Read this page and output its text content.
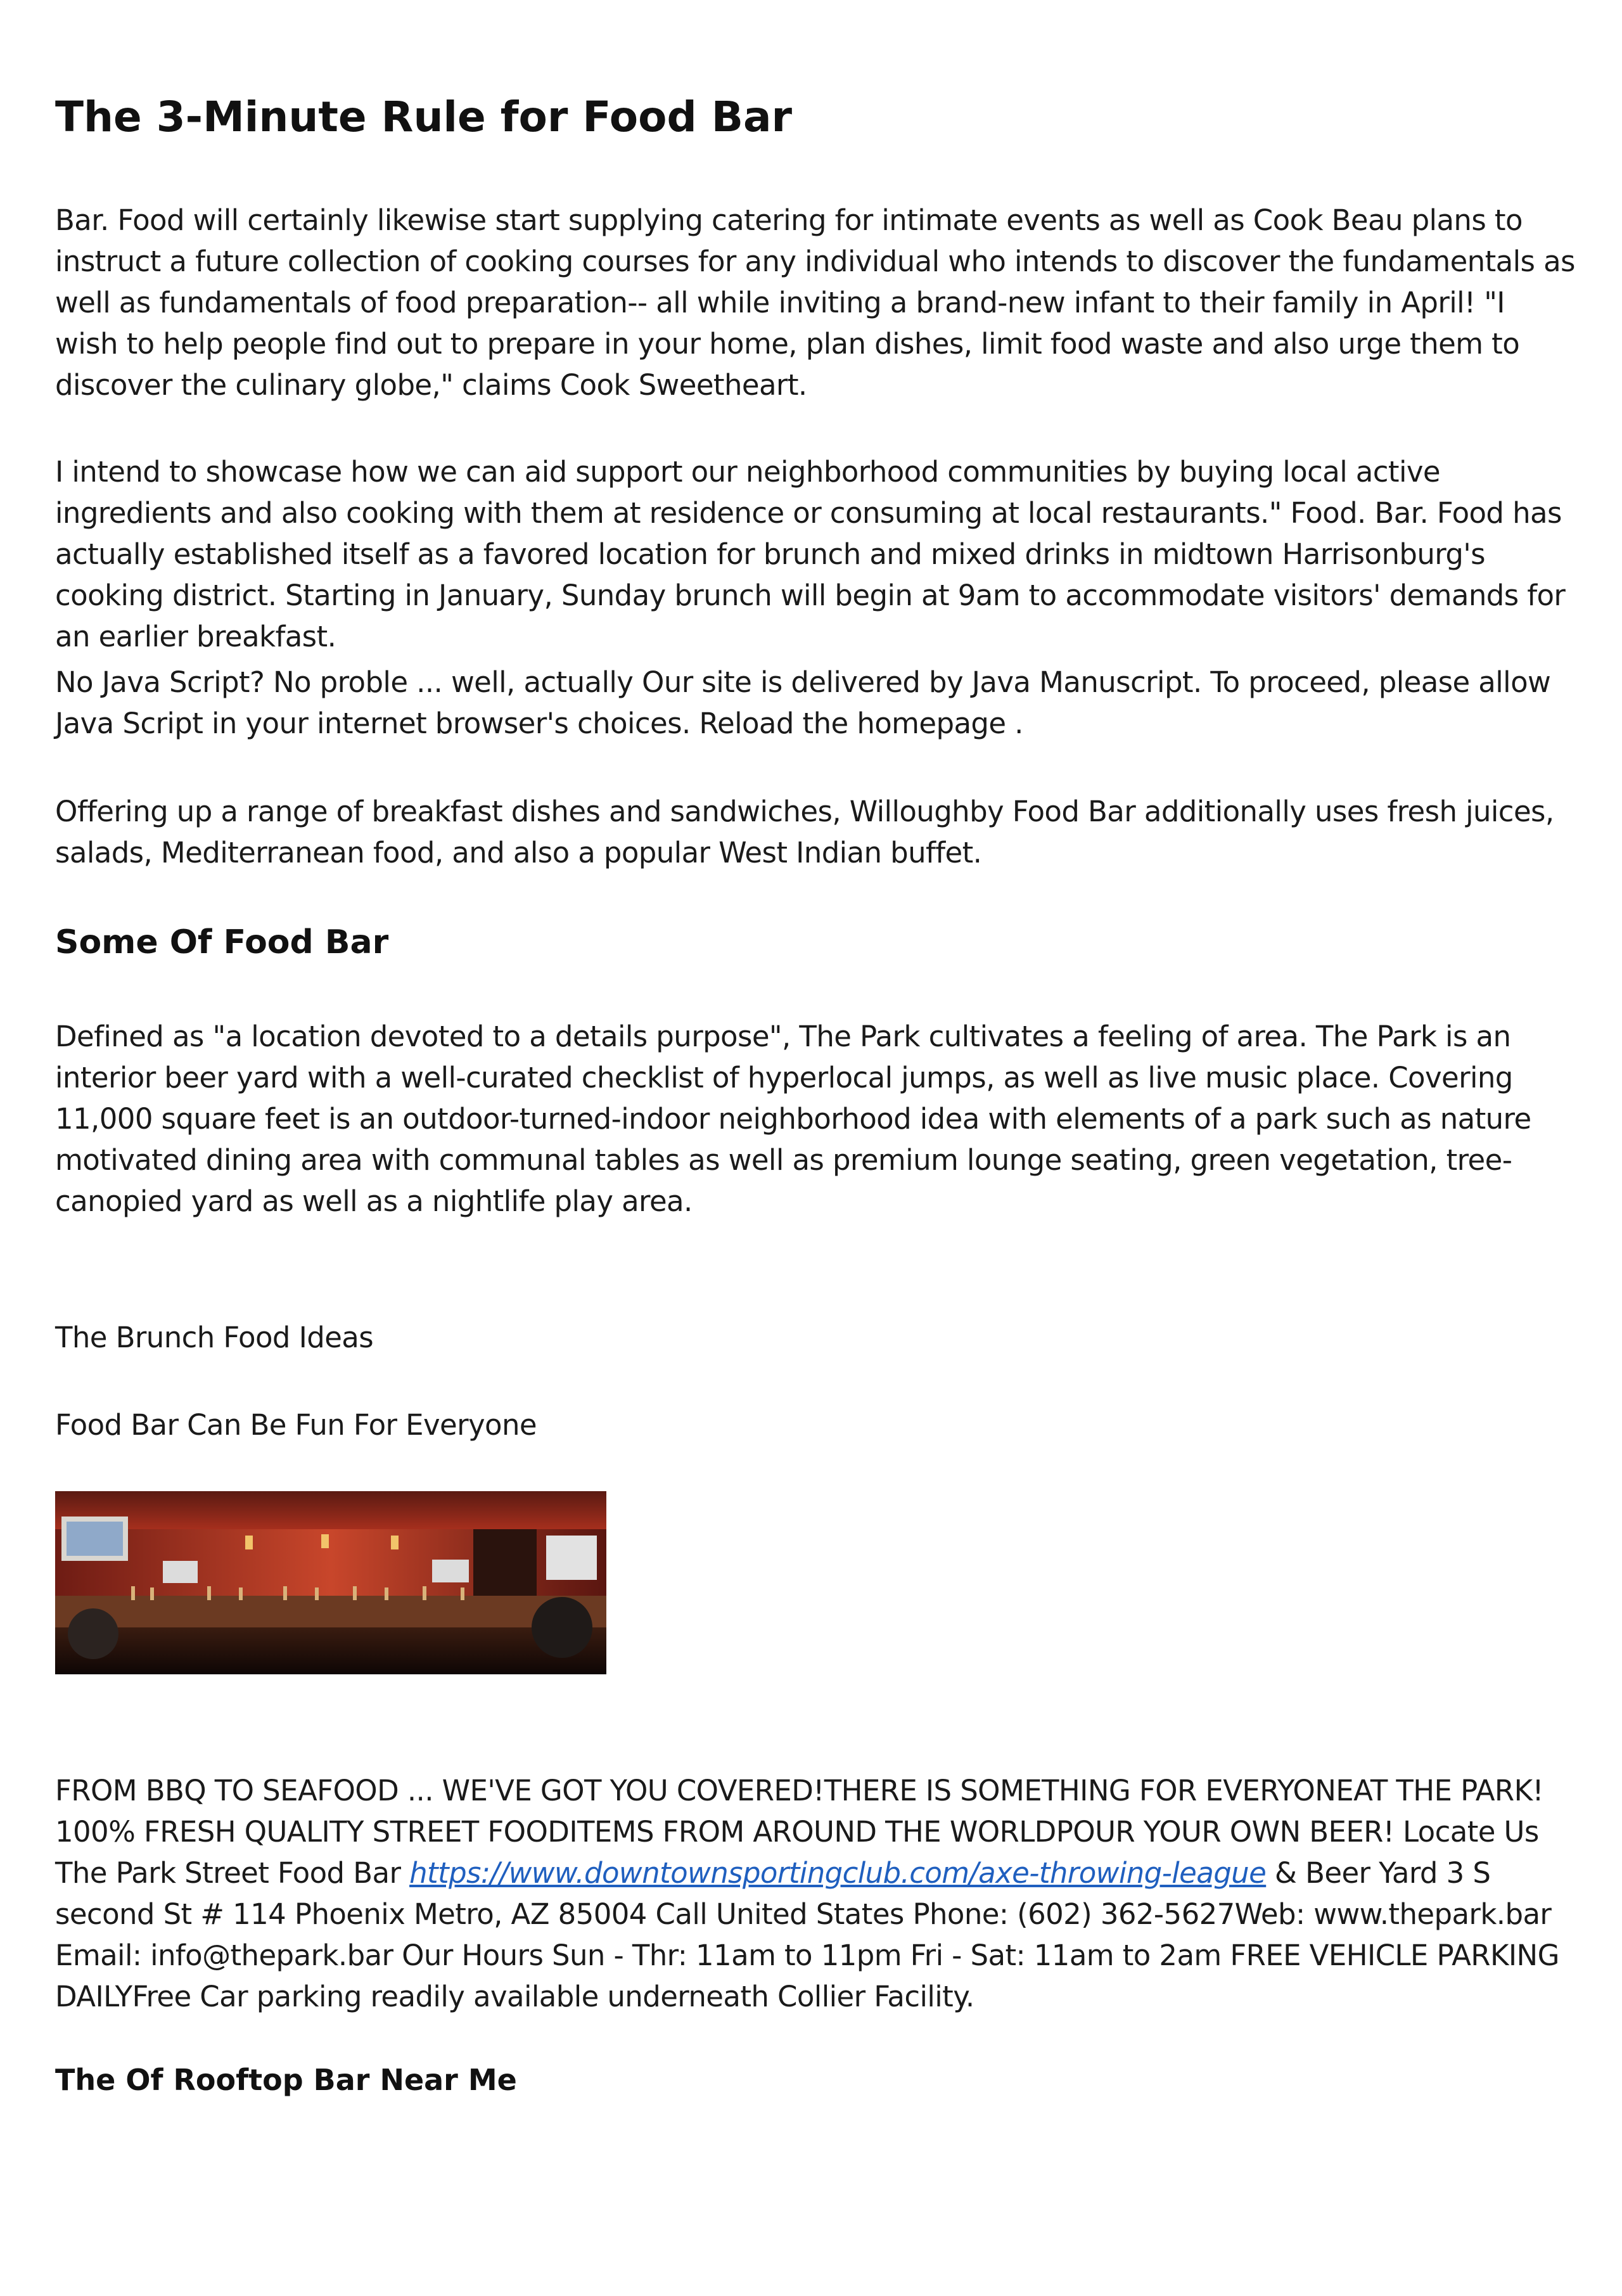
The 3-Minute Rule for Food Bar

Bar. Food will certainly likewise start supplying catering for intimate events as well as Cook Beau plans to instruct a future collection of cooking courses for any individual who intends to discover the fundamentals as well as fundamentals of food preparation-- all while inviting a brand-new infant to their family in April! "I wish to help people find out to prepare in your home, plan dishes, limit food waste and also urge them to discover the culinary globe," claims Cook Sweetheart.

I intend to showcase how we can aid support our neighborhood communities by buying local active ingredients and also cooking with them at residence or consuming at local restaurants." Food. Bar. Food has actually established itself as a favored location for brunch and mixed drinks in midtown Harrisonburg's cooking district. Starting in January, Sunday brunch will begin at 9am to accommodate visitors' demands for an earlier breakfast.

No Java Script? No proble ... well, actually Our site is delivered by Java Manuscript. To proceed, please allow Java Script in your internet browser's choices. Reload the homepage .

Offering up a range of breakfast dishes and sandwiches, Willoughby Food Bar additionally uses fresh juices, salads, Mediterranean food, and also a popular West Indian buffet.

Some Of Food Bar

Defined as "a location devoted to a details purpose", The Park cultivates a feeling of area. The Park is an interior beer yard with a well-curated checklist of hyperlocal jumps, as well as live music place. Covering 11,000 square feet is an outdoor-turned-indoor neighborhood idea with elements of a park such as nature motivated dining area with communal tables as well as premium lounge seating, green vegetation, tree-canopied yard as well as a nightlife play area.

The Brunch Food Ideas

Food Bar Can Be Fun For Everyone

FROM BBQ TO SEAFOOD ... WE'VE GOT YOU COVERED!THERE IS SOMETHING FOR EVERYONEAT THE PARK! 100% FRESH QUALITY STREET FOODITEMS FROM AROUND THE WORLDPOUR YOUR OWN BEER! Locate Us The Park Street Food Bar https://www.downtownsportingclub.com/axe-throwing-league & Beer Yard 3 S second St # 114 Phoenix Metro, AZ 85004 Call United States Phone: (602) 362-5627Web: www.thepark.bar Email: info@thepark.bar Our Hours Sun - Thr: 11am to 11pm Fri - Sat: 11am to 2am FREE VEHICLE PARKING DAILYFree Car parking readily available underneath Collier Facility.

The Of Rooftop Bar Near Me
